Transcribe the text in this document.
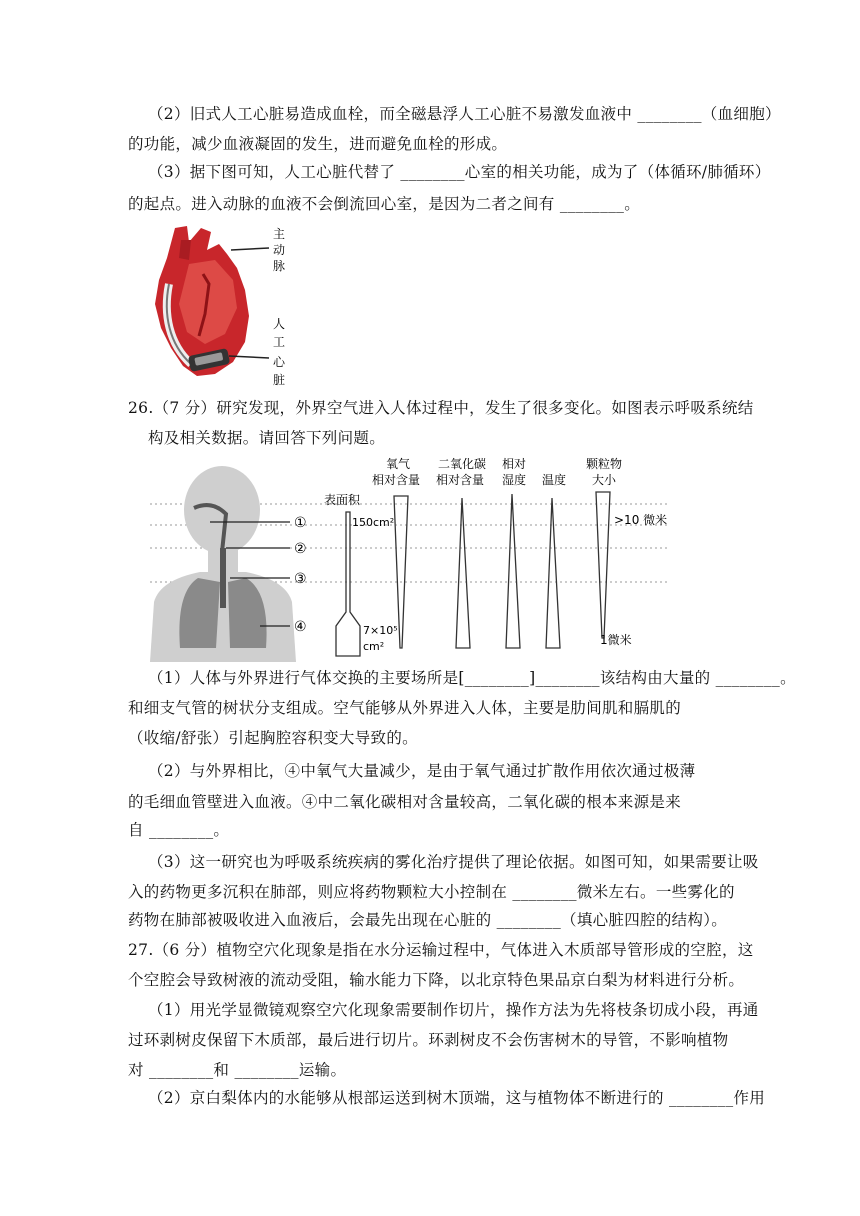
（2）旧式人工心脏易造成血栓，而全磁悬浮人工心脏不易激发血液中 ________（血细胞）
的功能，减少血液凝固的发生，进而避免血栓的形成。
（3）据下图可知，人工心脏代替了 ________心室的相关功能，成为了（体循环/肺循环）
的起点。进入动脉的血液不会倒流回心室，是因为二者之间有 ________。
主
动
脉
人
工
心
脏
26.（7 分）研究发现，外界空气进入人体过程中，发生了很多变化。如图表示呼吸系统结
构及相关数据。请回答下列问题。
①
②
③
④
表面积
150cm²
7×10⁵
cm²
氧气
相对含量
二氧化碳
相对含量
相对
湿度 温度
颗粒物
大小
>10 微米
1微米
（1）人体与外界进行气体交换的主要场所是[________]________该结构由大量的 ________。
和细支气管的树状分支组成。空气能够从外界进入人体，主要是肋间肌和膈肌的
（收缩/舒张）引起胸腔容积变大导致的。
（2）与外界相比，④中氧气大量减少，是由于氧气通过扩散作用依次通过极薄
的毛细血管壁进入血液。④中二氧化碳相对含量较高，二氧化碳的根本来源是来
自 ________。
（3）这一研究也为呼吸系统疾病的雾化治疗提供了理论依据。如图可知，如果需要让吸
入的药物更多沉积在肺部，则应将药物颗粒大小控制在 ________微米左右。一些雾化的
药物在肺部被吸收进入血液后，会最先出现在心脏的 ________（填心脏四腔的结构）。
27.（6 分）植物空穴化现象是指在水分运输过程中，气体进入木质部导管形成的空腔，这
个空腔会导致树液的流动受阻，输水能力下降，以北京特色果品京白梨为材料进行分析。
（1）用光学显微镜观察空穴化现象需要制作切片，操作方法为先将枝条切成小段，再通
过环剥树皮保留下木质部，最后进行切片。环剥树皮不会伤害树木的导管，不影响植物
对 ________和 ________运输。
（2）京白梨体内的水能够从根部运送到树木顶端，这与植物体不断进行的 ________作用
